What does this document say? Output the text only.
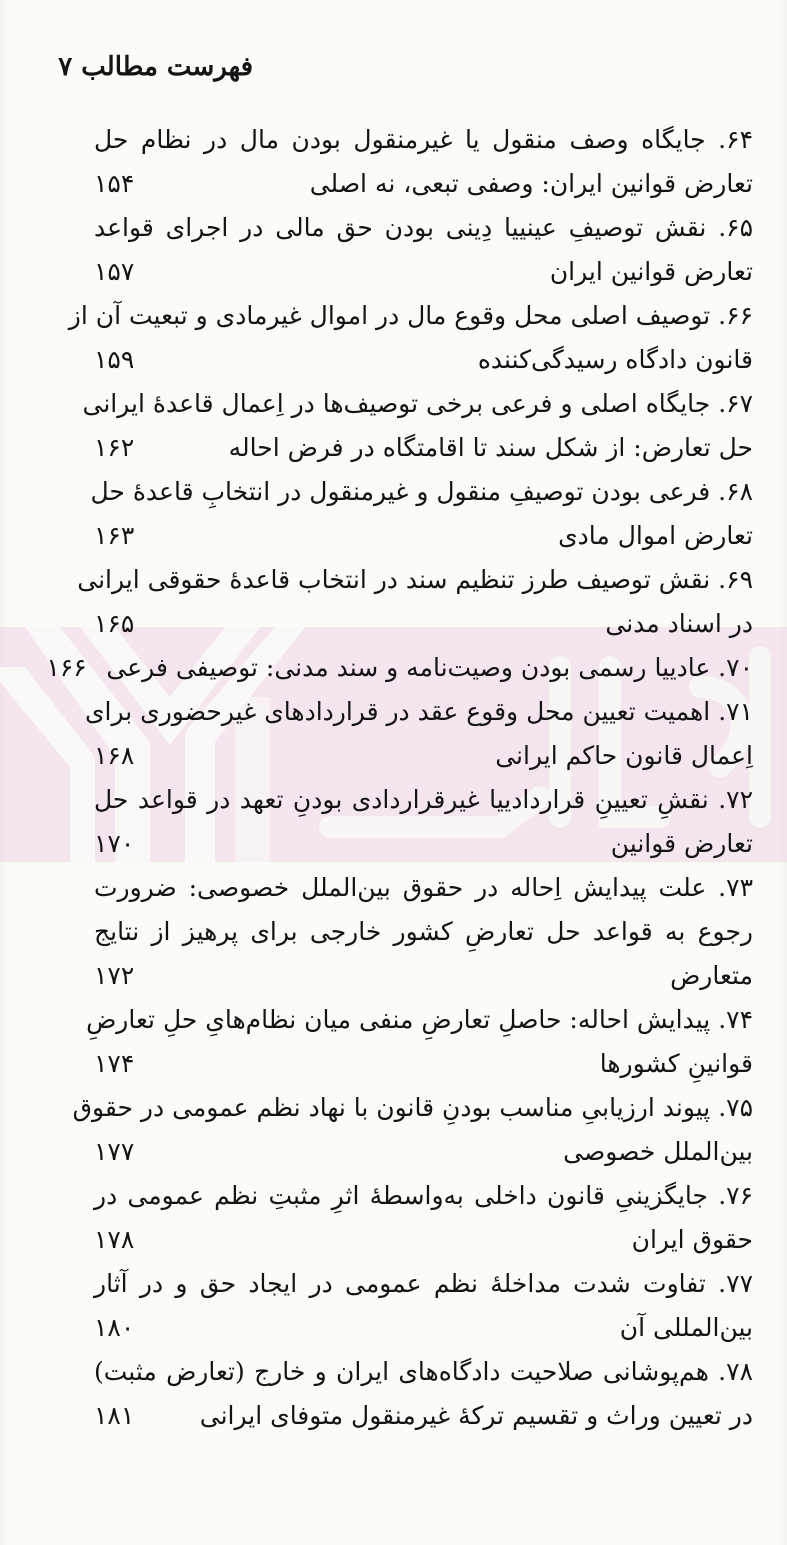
فهرست مطالب ۷
۶۴. جایگاه وصف منقول یا غیرمنقول بودن مال در نظام حل
تعارض قوانین ایران: وصفی تبعی، نه اصلی
۱۵۴
۶۵. نقش توصیفِ عینییا دِینی بودن حق مالی در اجرای قواعد
تعارض قوانین ایران
۱۵۷
۶۶. توصیف اصلی محل وقوع مال در اموال غیرمادی و تبعیت آن از
قانون دادگاه رسیدگی‌کننده
۱۵۹
۶۷. جایگاه اصلی و فرعی برخی توصیف‌ها در اِعمال قاعدهٔ ایرانی
حل تعارض: از شکل سند تا اقامتگاه در فرض احاله
۱۶۲
۶۸. فرعی بودن توصیفِ منقول و غیرمنقول در انتخابِ قاعدهٔ حل
تعارض اموال مادی
۱۶۳
۶۹. نقش توصیف طرز تنظیم سند در انتخاب قاعدهٔ حقوقی ایرانی
در اسناد مدنی
۱۶۵
۷۰. عادییا رسمی بودن وصیت‌نامه و سند مدنی: توصیفی فرعی
۱۶۶
۷۱. اهمیت تعیین محل وقوع عقد در قراردادهای غیرحضوری برای
اِعمال قانون حاکم ایرانی
۱۶۸
۷۲. نقشِ تعیینِ قراردادییا غیرقراردادی بودنِ تعهد در قواعد حل
تعارض قوانین
۱۷۰
۷۳. علت پیدایش اِحاله در حقوق بین‌الملل خصوصی: ضرورت
رجوع به قواعد حل تعارضِ کشور خارجی برای پرهیز از نتایج
متعارض
۱۷۲
۷۴. پیدایش احاله: حاصلِ تعارضِ منفی میان نظام‌هایِ حلِ تعارضِ
قوانینِ کشورها
۱۷۴
۷۵. پیوند ارزیابیِ مناسب بودنِ قانون با نهاد نظم عمومی در حقوق
بین‌الملل خصوصی
۱۷۷
۷۶. جایگزینیِ قانون داخلی به‌واسطهٔ اثرِ مثبتِ نظم عمومی در
حقوق ایران
۱۷۸
۷۷. تفاوت شدت مداخلهٔ نظم عمومی در ایجاد حق و در آثار
بین‌المللی آن
۱۸۰
۷۸. هم‌پوشانی صلاحیت دادگاه‌های ایران و خارج (تعارض مثبت)
در تعیین وراث و تقسیم ترکهٔ غیرمنقول متوفای ایرانی
۱۸۱
